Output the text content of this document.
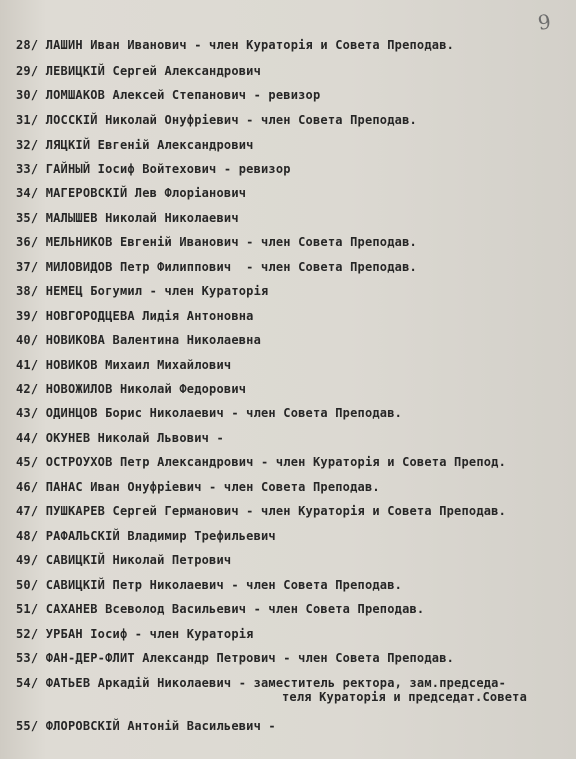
9
28/ ЛАШИН Иван Иванович - член Кураторія и Совета Преподав.
29/ ЛЕВИЦКІЙ Сергей Александрович
30/ ЛОМШАКОВ Алексей Степанович - ревизор
31/ ЛОССКІЙ Николай Онуфріевич - член Совета Преподав.
32/ ЛЯЦКІЙ Евгеній Александрович
33/ ГАЙНЫЙ Іосиф Войтехович - ревизор
34/ МАГЕРОВСКІЙ Лев Флоріанович
35/ МАЛЫШЕВ Николай Николаевич
36/ МЕЛЬНИКОВ Евгеній Иванович - член Совета Преподав.
37/ МИЛОВИДОВ Петр Филиппович  - член Совета Преподав.
38/ НЕМЕЦ Богумил - член Кураторія
39/ НОВГОРОДЦЕВА Лидія Антоновна
40/ НОВИКОВА Валентина Николаевна
41/ НОВИКОВ Михаил Михайлович
42/ НОВОЖИЛОВ Николай Федорович
43/ ОДИНЦОВ Борис Николаевич - член Совета Преподав.
44/ ОКУНЕВ Николай Львович -
45/ ОСТРОУХОВ Петр Александрович - член Кураторія и Совета Препод.
46/ ПАНАС Иван Онуфріевич - член Совета Преподав.
47/ ПУШКАРЕВ Сергей Германович - член Кураторія и Совета Преподав.
48/ РАФАЛЬСКІЙ Владимир Трефильевич
49/ САВИЦКІЙ Николай Петрович
50/ САВИЦКІЙ Петр Николаевич - член Совета Преподав.
51/ САХАНЕВ Всеволод Васильевич - член Совета Преподав.
52/ УРБАН Іосиф - член Кураторія
53/ ФАН-ДЕР-ФЛИТ Александр Петрович - член Совета Преподав.
54/ ФАТЬЕВ Аркадій Николаевич - заместитель ректора, зам.председа-
теля Кураторія и председат.Совета
55/ ФЛОРОВСКІЙ Антоній Васильевич -
